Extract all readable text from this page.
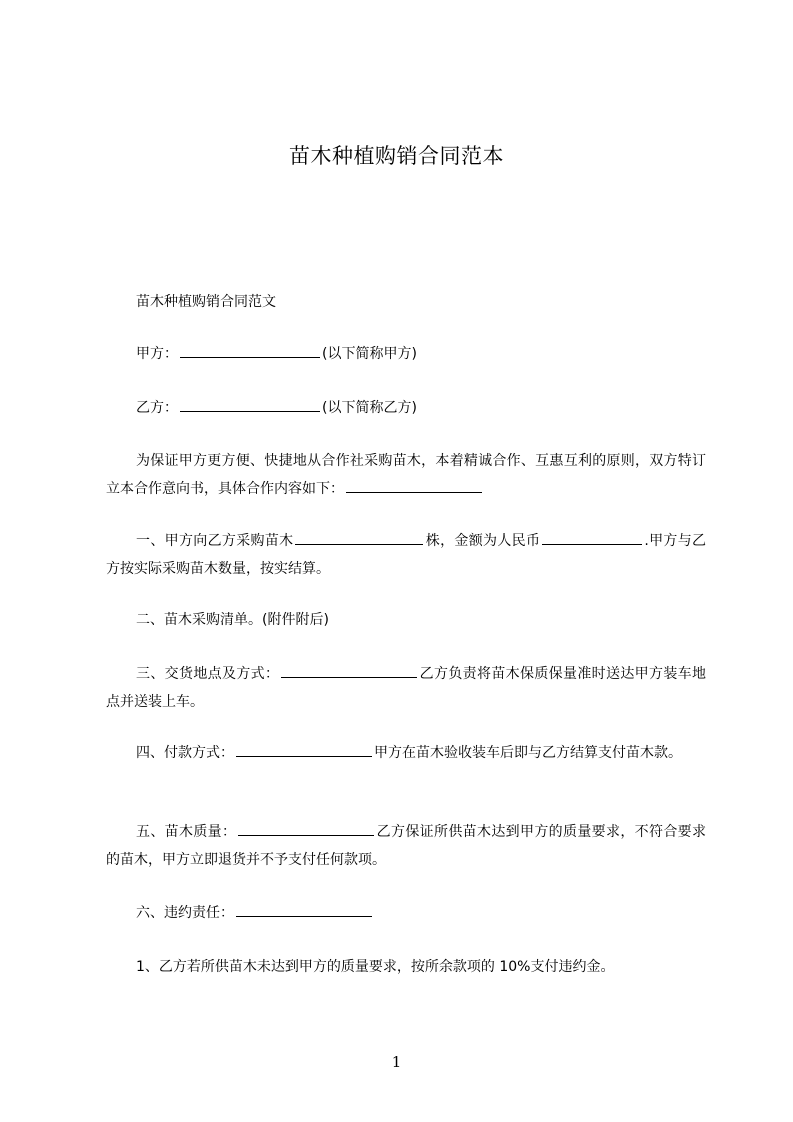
苗木种植购销合同范本
苗木种植购销合同范文
甲方：	(以下简称甲方)
乙方：	(以下简称乙方)
为保证甲方更方便、快捷地从合作社采购苗木，本着精诚合作、互惠互利的原则，双方特订立本合作意向书，具体合作内容如下：
一、甲方向乙方采购苗木	株，金额为人民币	.甲方与乙方按实际采购苗木数量，按实结算。
二、苗木采购清单。(附件附后)
三、交货地点及方式：	乙方负责将苗木保质保量准时送达甲方装车地点并送装上车。
四、付款方式：	甲方在苗木验收装车后即与乙方结算支付苗木款。
五、苗木质量：	乙方保证所供苗木达到甲方的质量要求，不符合要求的苗木，甲方立即退货并不予支付任何款项。
六、违约责任：
1、乙方若所供苗木未达到甲方的质量要求，按所余款项的 10%支付违约金。
1
